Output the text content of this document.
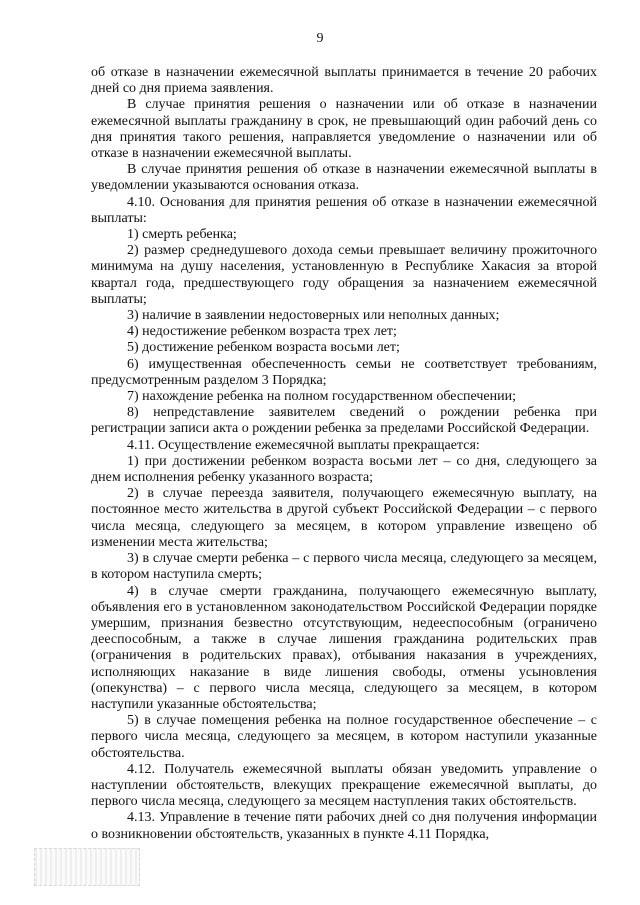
9

об отказе в назначении ежемесячной выплаты принимается в течение 20 рабочих дней со дня приема заявления.

В случае принятия решения о назначении или об отказе в назначении ежемесячной выплаты гражданину в срок, не превышающий один рабочий день со дня принятия такого решения, направляется уведомление о назначении или об отказе в назначении ежемесячной выплаты.

В случае принятия решения об отказе в назначении ежемесячной выплаты в уведомлении указываются основания отказа.

4.10. Основания для принятия решения об отказе в назначении ежемесячной выплаты:

1) смерть ребенка;

2) размер среднедушевого дохода семьи превышает величину прожиточного минимума на душу населения, установленную в Республике Хакасия за второй квартал года, предшествующего году обращения за назначением ежемесячной выплаты;

3) наличие в заявлении недостоверных или неполных данных;

4) недостижение ребенком возраста трех лет;

5) достижение ребенком возраста восьми лет;

6) имущественная обеспеченность семьи не соответствует требованиям, предусмотренным разделом 3 Порядка;

7) нахождение ребенка на полном государственном обеспечении;

8) непредставление заявителем сведений о рождении ребенка при регистрации записи акта о рождении ребенка за пределами Российской Федерации.

4.11. Осуществление ежемесячной выплаты прекращается:

1) при достижении ребенком возраста восьми лет – со дня, следующего за днем исполнения ребенку указанного возраста;

2) в случае переезда заявителя, получающего ежемесячную выплату, на постоянное место жительства в другой субъект Российской Федерации – с первого числа месяца, следующего за месяцем, в котором управление извещено об изменении места жительства;

3) в случае смерти ребенка – с первого числа месяца, следующего за месяцем, в котором наступила смерть;

4) в случае смерти гражданина, получающего ежемесячную выплату, объявления его в установленном законодательством Российской Федерации порядке умершим, признания безвестно отсутствующим, недееспособным (ограничено дееспособным, а также в случае лишения гражданина родительских прав (ограничения в родительских правах), отбывания наказания в учреждениях, исполняющих наказание в виде лишения свободы, отмены усыновления (опекунства) – с первого числа месяца, следующего за месяцем, в котором наступили указанные обстоятельства;

5) в случае помещения ребенка на полное государственное обеспечение – с первого числа месяца, следующего за месяцем, в котором наступили указанные обстоятельства.

4.12. Получатель ежемесячной выплаты обязан уведомить управление о наступлении обстоятельств, влекущих прекращение ежемесячной выплаты, до первого числа месяца, следующего за месяцем наступления таких обстоятельств.

4.13. Управление в течение пяти рабочих дней со дня получения информации о возникновении обстоятельств, указанных в пункте 4.11 Порядка,
